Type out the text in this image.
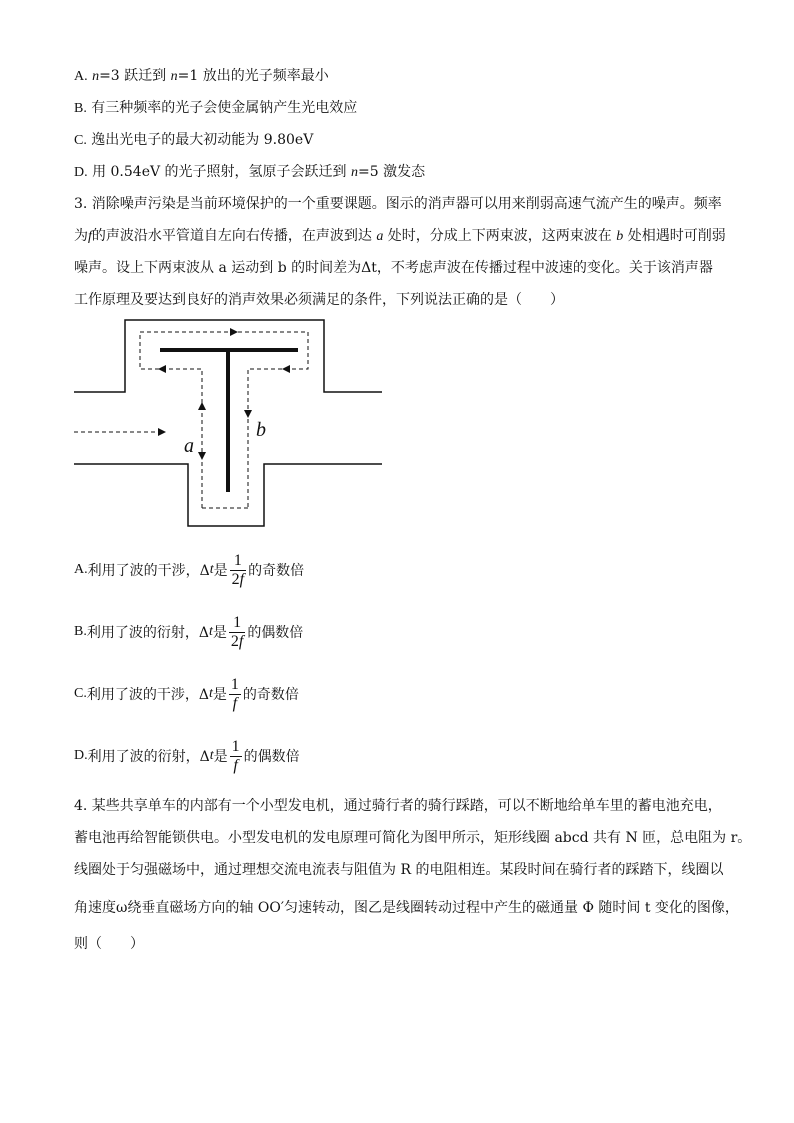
A. n=3 跃迁到 n=1 放出的光子频率最小
B. 有三种频率的光子会使金属钠产生光电效应
C. 逸出光电子的最大初动能为 9.80eV
D. 用 0.54eV 的光子照射，氢原子会跃迁到 n=5 激发态
3. 消除噪声污染是当前环境保护的一个重要课题。图示的消声器可以用来削弱高速气流产生的噪声。频率
为f的声波沿水平管道自左向右传播，在声波到达 a 处时，分成上下两束波，这两束波在 b 处相遇时可削弱
噪声。设上下两束波从 a 运动到 b 的时间差为Δt，不考虑声波在传播过程中波速的变化。关于该消声器
工作原理及要达到良好的消声效果必须满足的条件，下列说法正确的是（　　）
a
b
A. 利用了波的干涉，Δ t 是 $\frac{1}{2f}$ 的奇数倍
B. 利用了波的衍射，Δ t 是 $\frac{1}{2f}$ 的偶数倍
C. 利用了波的干涉，Δ t 是 $\frac{1}{f}$ 的奇数倍
D. 利用了波的衍射，Δ t 是 $\frac{1}{f}$ 的偶数倍
4. 某些共享单车的内部有一个小型发电机，通过骑行者的骑行踩踏，可以不断地给单车里的蓄电池充电，
蓄电池再给智能锁供电。小型发电机的发电原理可简化为图甲所示，矩形线圈 abcd 共有 N 匝，总电阻为 r。
线圈处于匀强磁场中，通过理想交流电流表与阻值为 R 的电阻相连。某段时间在骑行者的踩踏下，线圈以
角速度ω绕垂直磁场方向的轴 OO′匀速转动，图乙是线圈转动过程中产生的磁通量 Φ 随时间 t 变化的图像，
则（　　）
